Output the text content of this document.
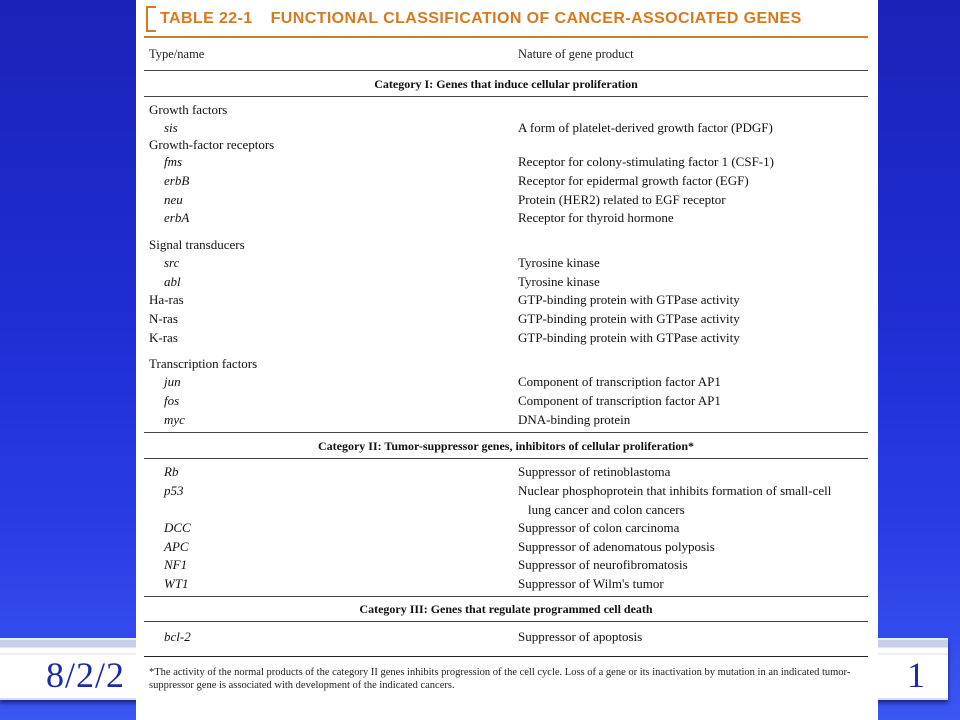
8/2/2	1
TABLE 22-1 FUNCTIONAL CLASSIFICATION OF CANCER-ASSOCIATED GENES
Type/name	Nature of gene product
Category I: Genes that induce cellular proliferation
Growth factors
sis	A form of platelet-derived growth factor (PDGF)
Growth-factor receptors
fms	Receptor for colony-stimulating factor 1 (CSF-1)
erbB	Receptor for epidermal growth factor (EGF)
neu	Protein (HER2) related to EGF receptor
erbA	Receptor for thyroid hormone
Signal transducers
src	Tyrosine kinase
abl	Tyrosine kinase
Ha-ras	GTP-binding protein with GTPase activity
N-ras	GTP-binding protein with GTPase activity
K-ras	GTP-binding protein with GTPase activity
Transcription factors
jun	Component of transcription factor AP1
fos	Component of transcription factor AP1
myc	DNA-binding protein
Category II: Tumor-suppressor genes, inhibitors of cellular proliferation*
Rb	Suppressor of retinoblastoma
p53	Nuclear phosphoprotein that inhibits formation of small-cell
lung cancer and colon cancers
DCC	Suppressor of colon carcinoma
APC	Suppressor of adenomatous polyposis
NF1	Suppressor of neurofibromatosis
WT1	Suppressor of Wilm's tumor
Category III: Genes that regulate programmed cell death
bcl-2	Suppressor of apoptosis
*The activity of the normal products of the category II genes inhibits progression of the cell cycle. Loss of a gene or its inactivation by mutation in an indicated tumor-suppressor gene is associated with development of the indicated cancers.
